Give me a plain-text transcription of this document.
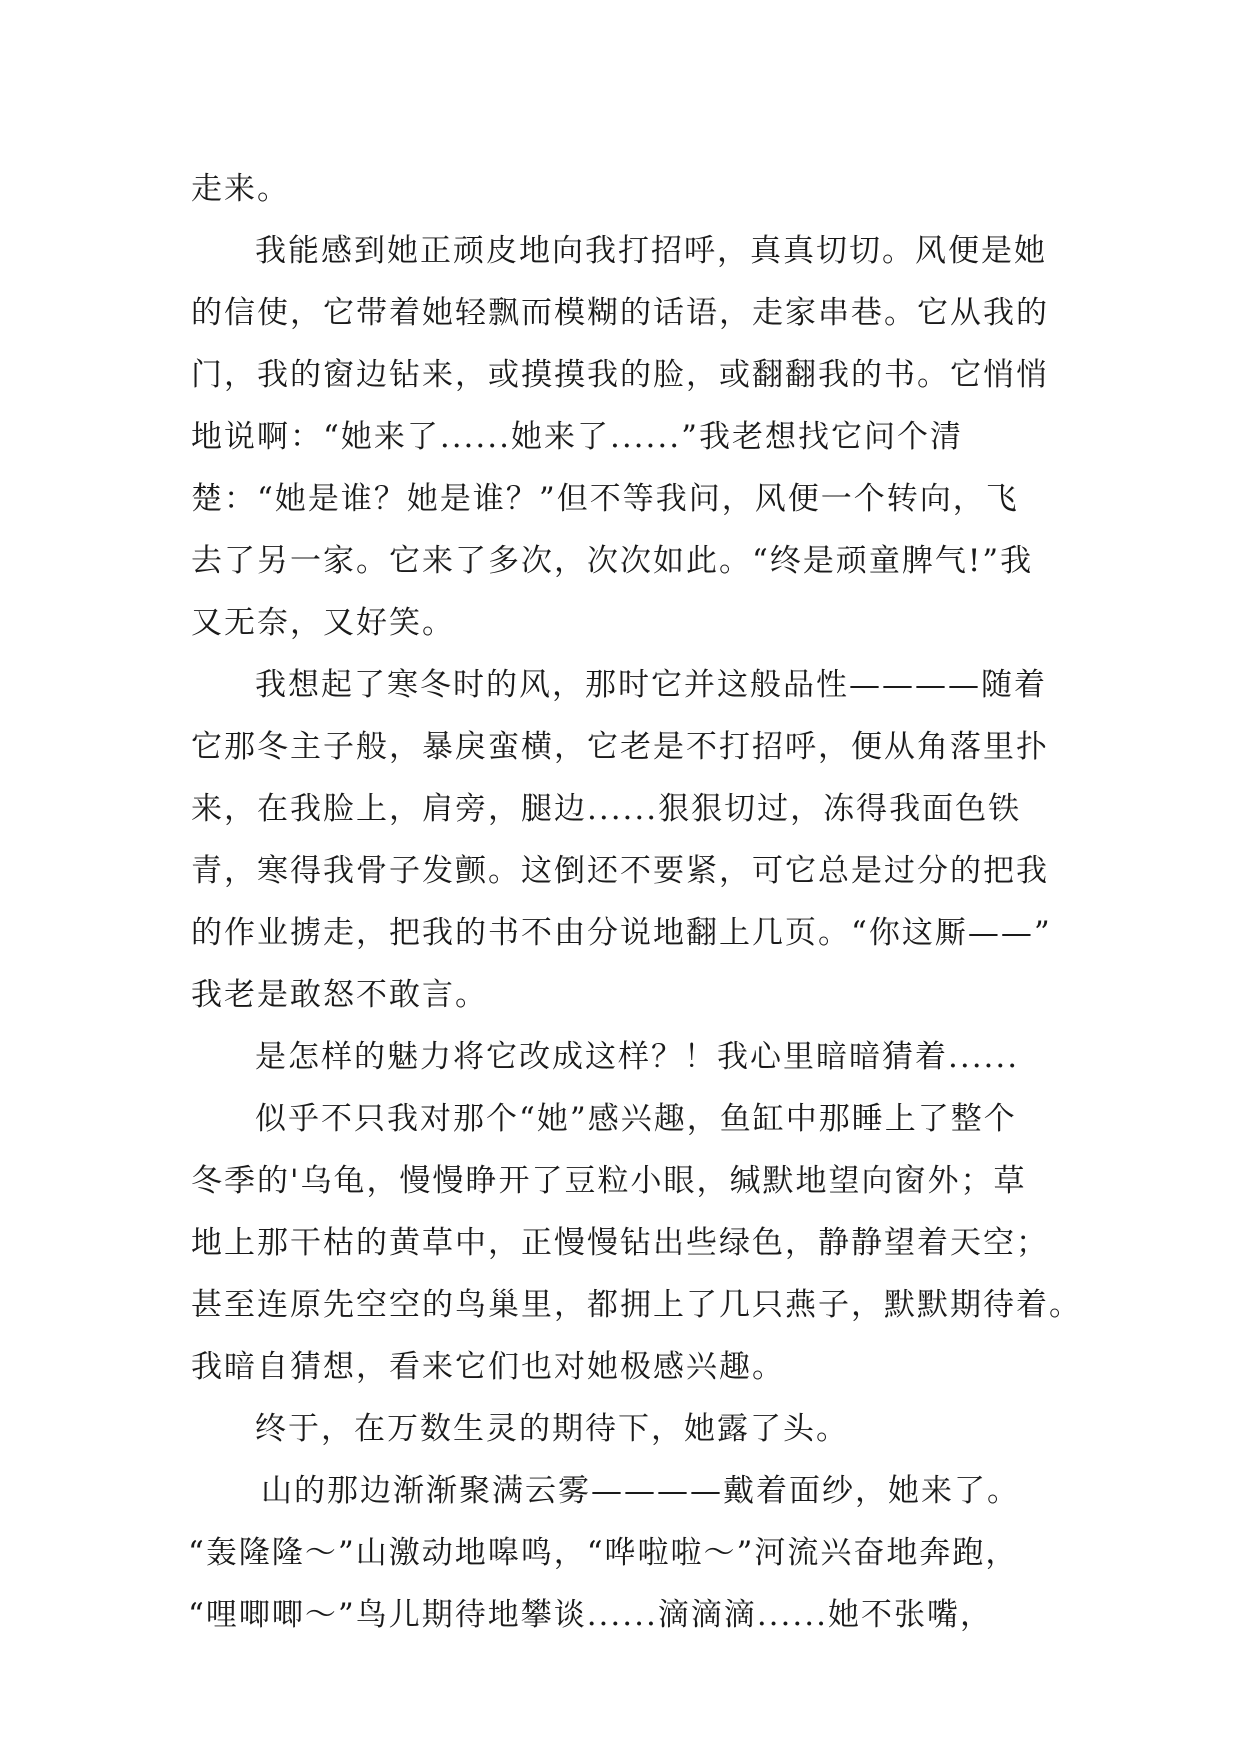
走来。
我能感到她正顽皮地向我打招呼，真真切切。风便是她
的信使，它带着她轻飘而模糊的话语，走家串巷。它从我的
门，我的窗边钻来，或摸摸我的脸，或翻翻我的书。它悄悄
地说啊：“她来了......她来了......”我老想找它问个清
楚：“她是谁？她是谁？”但不等我问，风便一个转向，飞
去了另一家。它来了多次，次次如此。“终是顽童脾气!”我
又无奈，又好笑。
我想起了寒冬时的风，那时它并这般品性————随着
它那冬主子般，暴戾蛮横，它老是不打招呼，便从角落里扑
来，在我脸上，肩旁，腿边......狠狠切过，冻得我面色铁
青，寒得我骨子发颤。这倒还不要紧，可它总是过分的把我
的作业掳走，把我的书不由分说地翻上几页。“你这厮——”
我老是敢怒不敢言。
是怎样的魅力将它改成这样？！我心里暗暗猜着......
似乎不只我对那个“她”感兴趣，鱼缸中那睡上了整个
冬季的'乌龟，慢慢睁开了豆粒小眼，缄默地望向窗外；草
地上那干枯的黄草中，正慢慢钻出些绿色，静静望着天空；
甚至连原先空空的鸟巢里，都拥上了几只燕子，默默期待着。
我暗自猜想，看来它们也对她极感兴趣。
终于，在万数生灵的期待下，她露了头。
山的那边渐渐聚满云雾————戴着面纱，她来了。
“轰隆隆～”山激动地嗥鸣，“哗啦啦～”河流兴奋地奔跑，
“哩唧唧～”鸟儿期待地攀谈......滴滴滴......她不张嘴，
